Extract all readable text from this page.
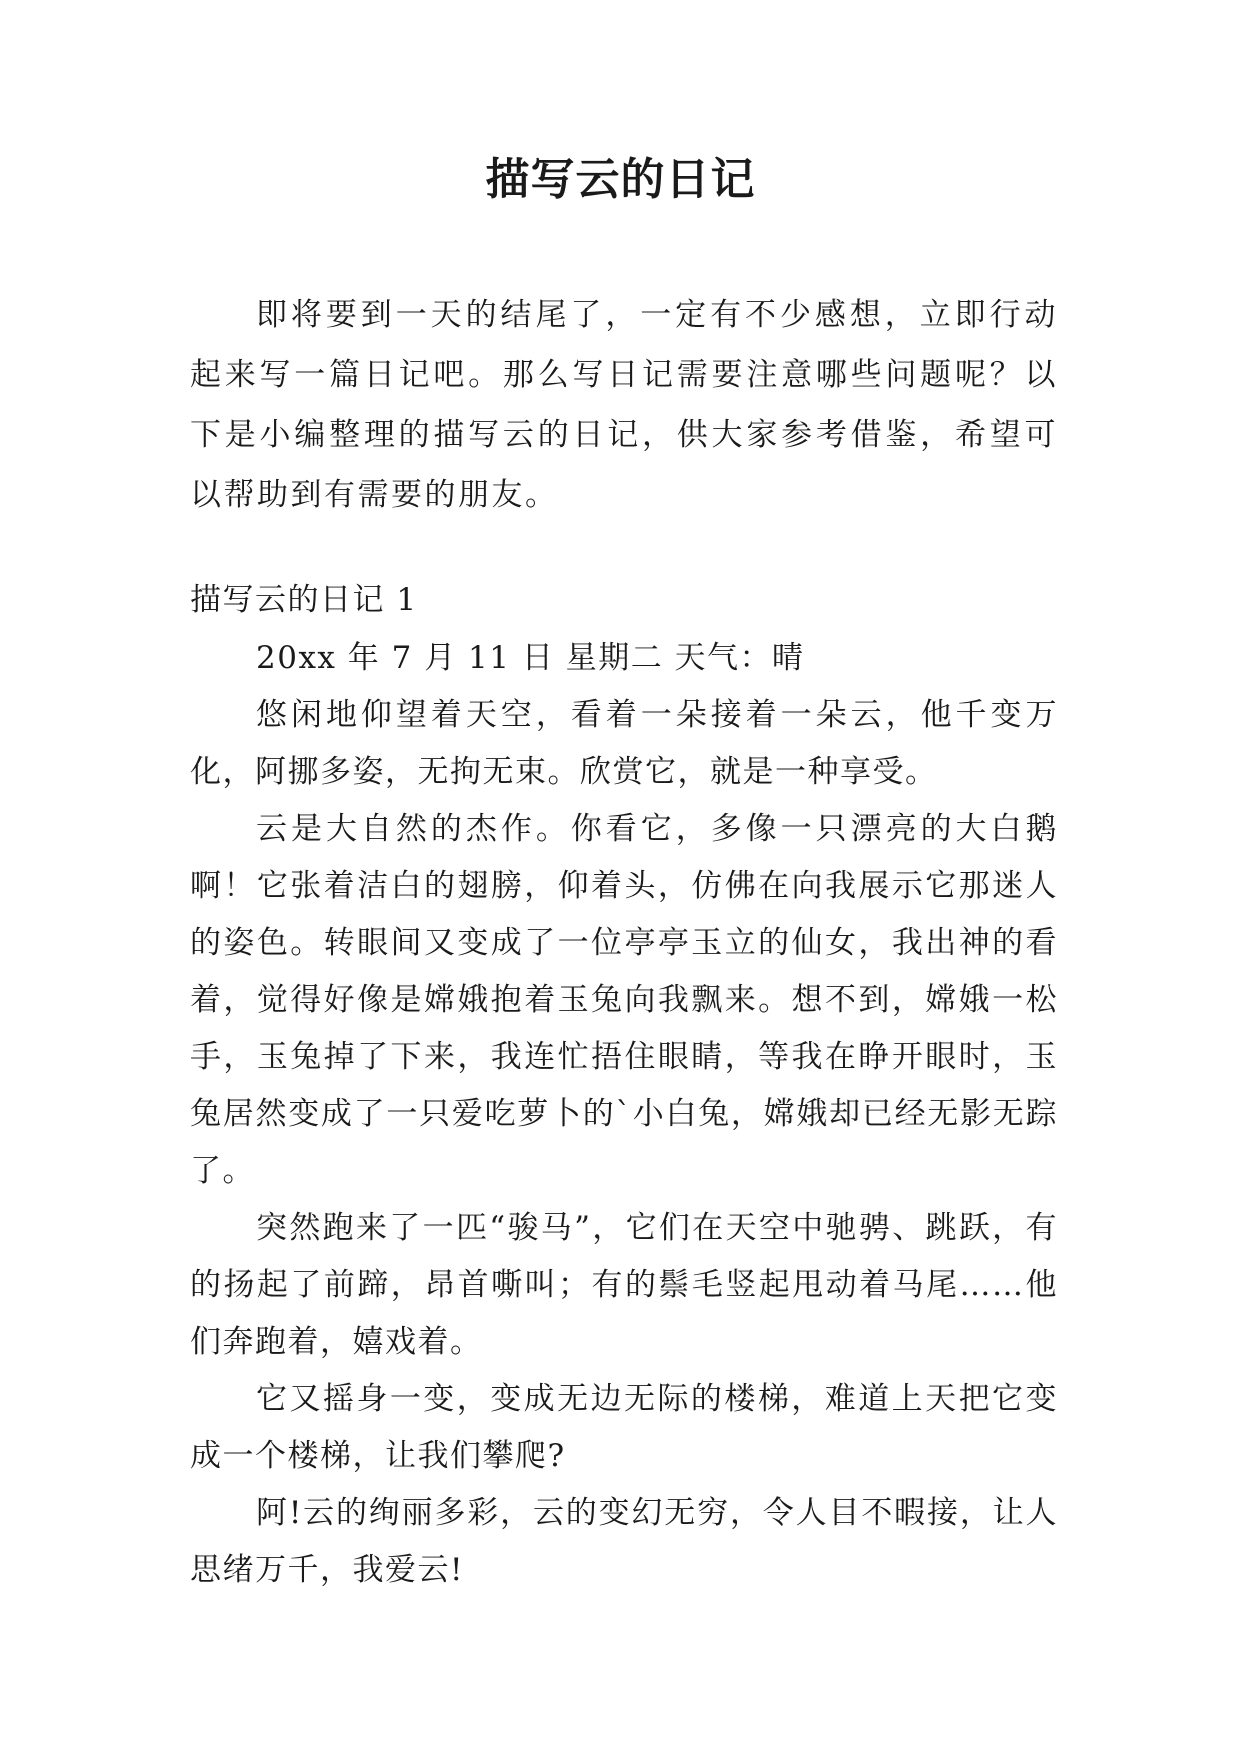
描写云的日记

即将要到一天的结尾了，一定有不少感想，立即行动起来写一篇日记吧。那么写日记需要注意哪些问题呢？以下是小编整理的描写云的日记，供大家参考借鉴，希望可以帮助到有需要的朋友。

描写云的日记 1

20xx 年 7 月 11 日 星期二 天气：晴

悠闲地仰望着天空，看着一朵接着一朵云，他千变万化，阿挪多姿，无拘无束。欣赏它，就是一种享受。

云是大自然的杰作。你看它，多像一只漂亮的大白鹅啊！它张着洁白的翅膀，仰着头，仿佛在向我展示它那迷人的姿色。转眼间又变成了一位亭亭玉立的仙女，我出神的看着，觉得好像是嫦娥抱着玉兔向我飘来。想不到，嫦娥一松手，玉兔掉了下来，我连忙捂住眼睛，等我在睁开眼时，玉兔居然变成了一只爱吃萝卜的`小白兔，嫦娥却已经无影无踪了。

突然跑来了一匹“骏马”，它们在天空中驰骋、跳跃，有的扬起了前蹄，昂首嘶叫；有的鬃毛竖起甩动着马尾……他们奔跑着，嬉戏着。

它又摇身一变，变成无边无际的楼梯，难道上天把它变成一个楼梯，让我们攀爬?

阿!云的绚丽多彩，云的变幻无穷，令人目不暇接，让人思绪万千，我爱云!
